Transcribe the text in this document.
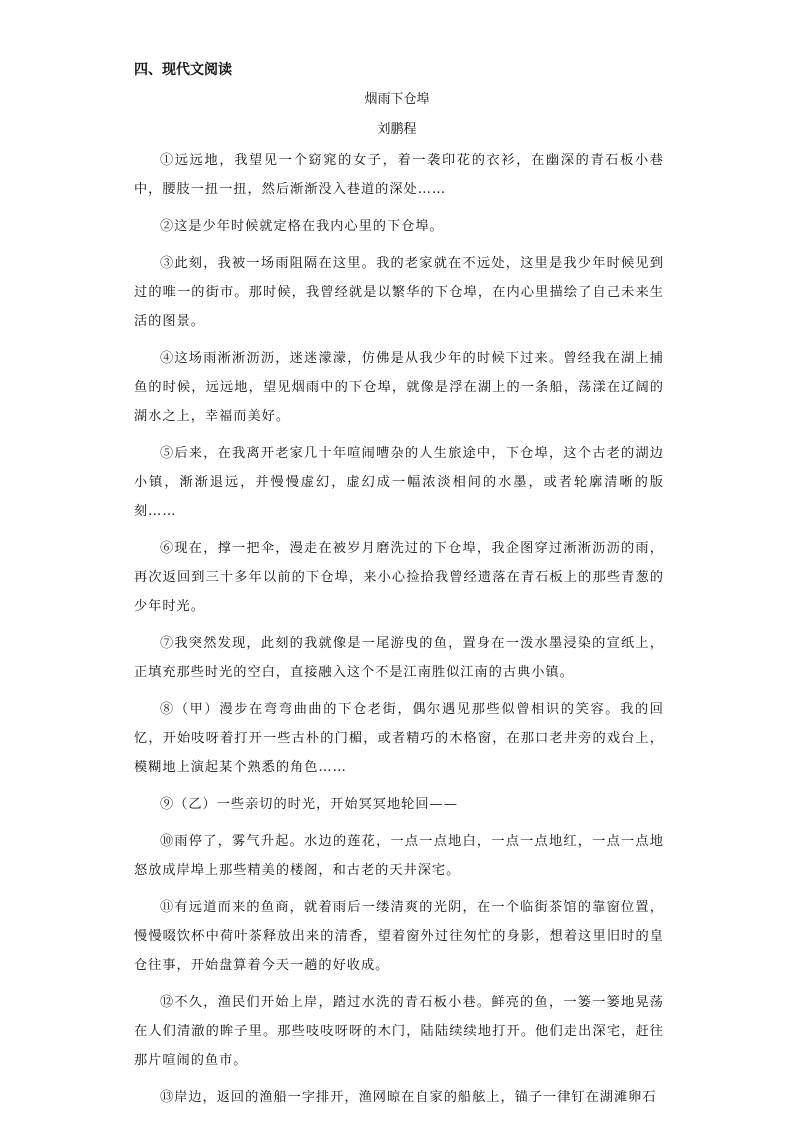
四、现代文阅读
烟雨下仓埠
刘鹏程

①远远地，我望见一个窈窕的女子，着一袭印花的衣衫，在幽深的青石板小巷中，腰肢一扭一扭，然后渐渐没入巷道的深处……

②这是少年时候就定格在我内心里的下仓埠。

③此刻，我被一场雨阻隔在这里。我的老家就在不远处，这里是我少年时候见到过的唯一的街市。那时候，我曾经就是以繁华的下仓埠，在内心里描绘了自己未来生活的图景。

④这场雨淅淅沥沥，迷迷濛濛，仿佛是从我少年的时候下过来。曾经我在湖上捕鱼的时候，远远地，望见烟雨中的下仓埠，就像是浮在湖上的一条船，荡漾在辽阔的湖水之上，幸福而美好。

⑤后来，在我离开老家几十年喧闹嘈杂的人生旅途中，下仓埠，这个古老的湖边小镇，渐渐退远，并慢慢虚幻，虚幻成一幅浓淡相间的水墨，或者轮廓清晰的版刻……

⑥现在，撑一把伞，漫走在被岁月磨洗过的下仓埠，我企图穿过淅淅沥沥的雨，再次返回到三十多年以前的下仓埠，来小心捡拾我曾经遗落在青石板上的那些青葱的少年时光。

⑦我突然发现，此刻的我就像是一尾游曳的鱼，置身在一泼水墨浸染的宣纸上，正填充那些时光的空白，直接融入这个不是江南胜似江南的古典小镇。

⑧（甲）漫步在弯弯曲曲的下仓老街，偶尔遇见那些似曾相识的笑容。我的回忆，开始吱呀着打开一些古朴的门楣，或者精巧的木格窗，在那口老井旁的戏台上，模糊地上演起某个熟悉的角色……

⑨（乙）一些亲切的时光，开始冥冥地轮回——

⑩雨停了，雾气升起。水边的莲花，一点一点地白，一点一点地红，一点一点地怒放成岸埠上那些精美的楼阁，和古老的天井深宅。

⑪有远道而来的鱼商，就着雨后一缕清爽的光阴，在一个临街茶馆的靠窗位置，慢慢啜饮杯中荷叶茶释放出来的清香，望着窗外过往匆忙的身影，想着这里旧时的皇仓往事，开始盘算着今天一趟的好收成。

⑫不久，渔民们开始上岸，踏过水洗的青石板小巷。鲜亮的鱼，一篓一篓地晃荡在人们清澈的眸子里。那些吱吱呀呀的木门，陆陆续续地打开。他们走出深宅，赶往那片喧闹的鱼市。

⑬岸边，返回的渔船一字排开，渔网晾在自家的船舷上，锚子一律钉在湖滩卵石
